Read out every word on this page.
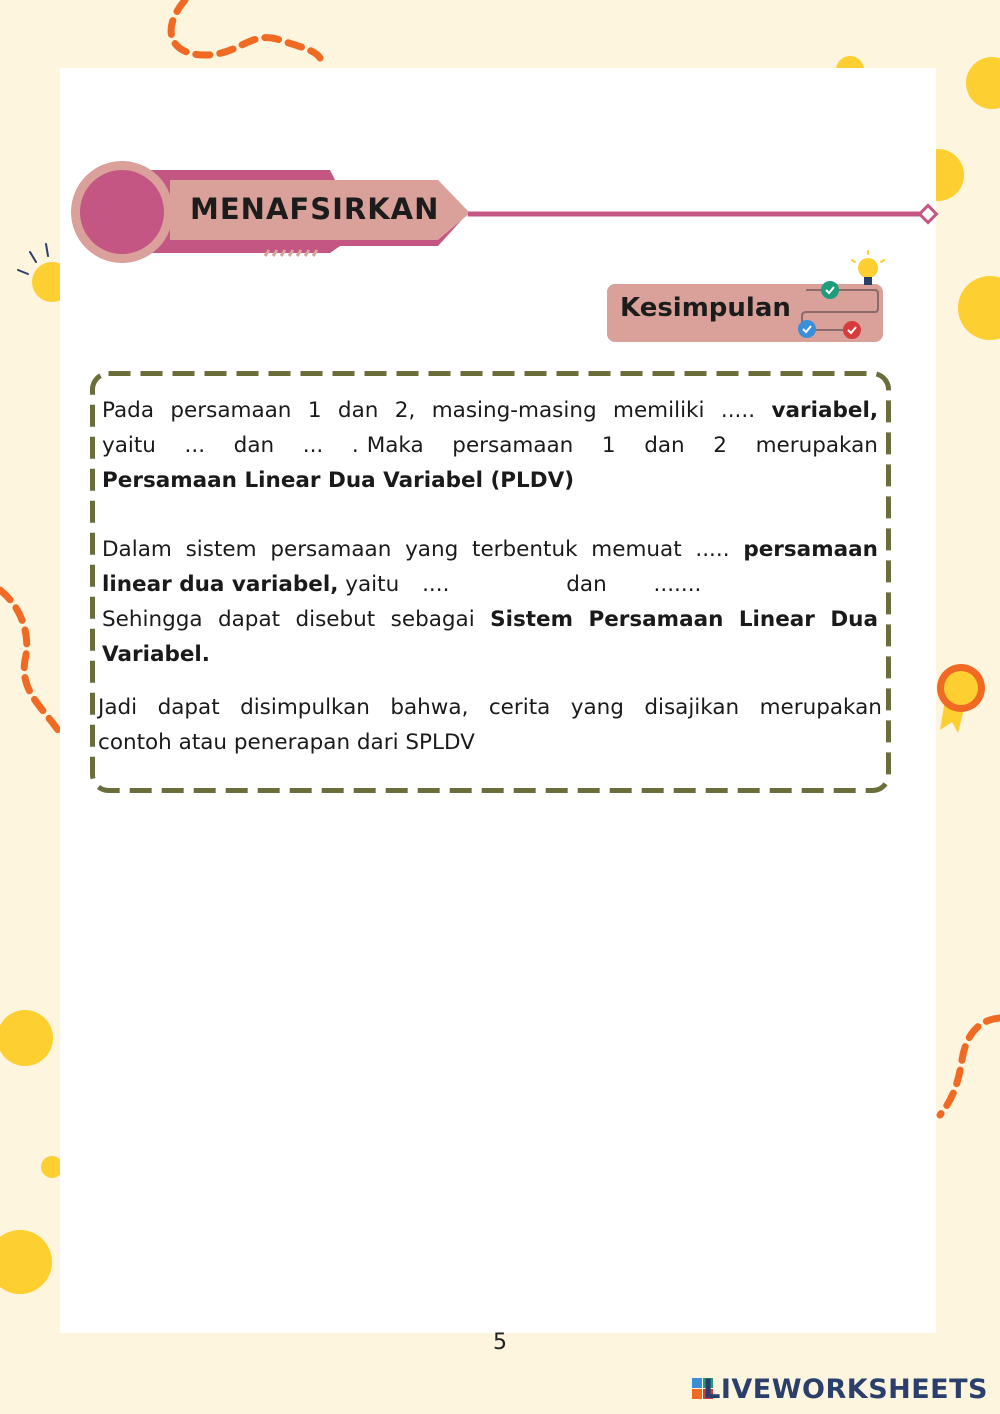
MENAFSIRKAN
Kesimpulan
Pada persamaan 1 dan 2, masing-masing memiliki ..... variabel,
yaitu ... dan ... . Maka persamaan 1 dan 2 merupakan
Persamaan Linear Dua Variabel (PLDV)
Dalam sistem persamaan yang terbentuk memuat ..... persamaan
linear dua variabel, yaitu ....	dan .......
Sehingga dapat disebut sebagai Sistem Persamaan Linear Dua
Variabel.
Jadi dapat disimpulkan bahwa, cerita yang disajikan merupakan
contoh atau penerapan dari SPLDV
5
LIVEWORKSHEETS
